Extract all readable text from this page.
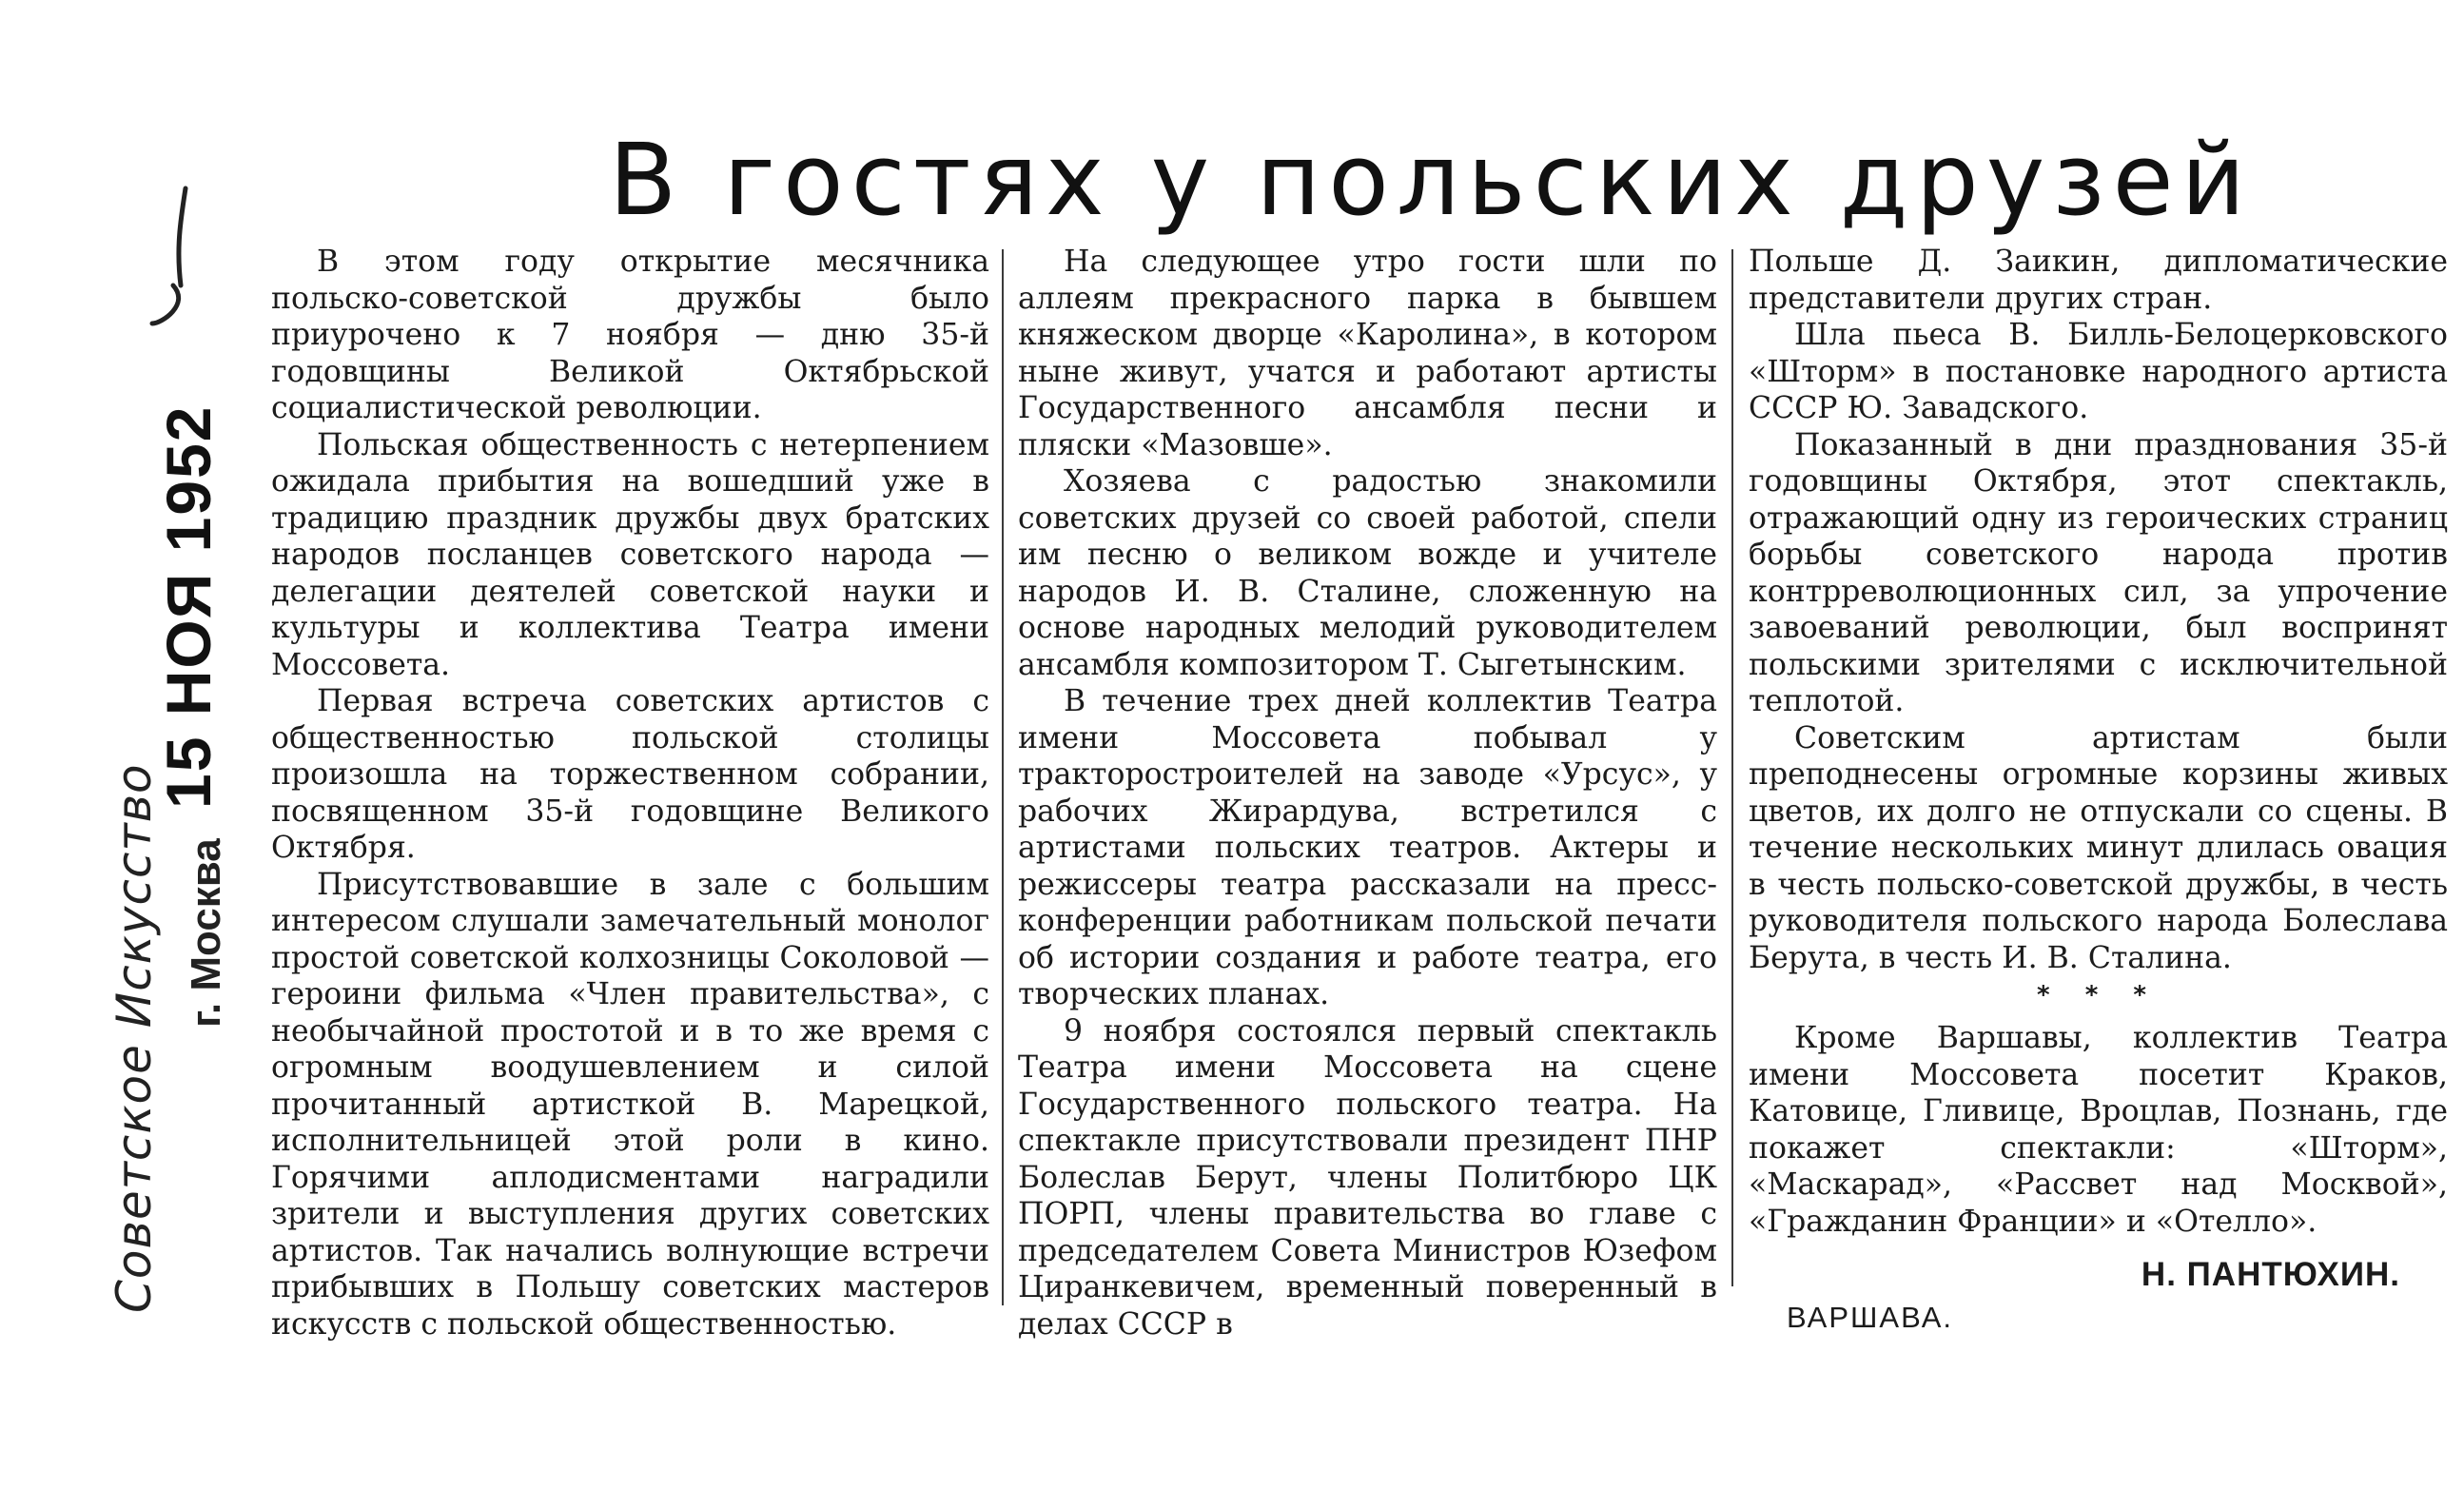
Советское Искусство г. Москва
15 НОЯ 1952
В гостях у польских друзей

В этом году открытие месячника польско-советской дружбы было приурочено к 7 ноября — дню 35-й годовщины Великой Октябрьской социалистической революции.

Польская общественность с нетерпением ожидала прибытия на вошедший уже в традицию праздник дружбы двух братских народов посланцев советского народа — делегации деятелей советской науки и культуры и коллектива Театра имени Моссовета.

Первая встреча советских артистов с общественностью польской столицы произошла на торжественном собрании, посвященном 35-й годовщине Великого Октября.

Присутствовавшие в зале с большим интересом слушали замечательный монолог простой советской колхозницы Соколовой — героини фильма «Член правительства», с необычайной простотой и в то же время с огромным воодушевлением и силой прочитанный артисткой В. Марецкой, исполнительницей этой роли в кино. Горячими аплодисментами наградили зрители и выступления других советских артистов. Так начались волнующие встречи прибывших в Польшу советских мастеров искусств с польской общественностью.

На следующее утро гости шли по аллеям прекрасного парка в бывшем княжеском дворце «Каролина», в котором ныне живут, учатся и работают артисты Государственного ансамбля песни и пляски «Мазовше».

Хозяева с радостью знакомили советских друзей со своей работой, спели им песню о великом вожде и учителе народов И. В. Сталине, сложенную на основе народных мелодий руководителем ансамбля композитором Т. Сыгетынским.

В течение трех дней коллектив Театра имени Моссовета побывал у тракторостроителей на заводе «Урсус», у рабочих Жирардува, встретился с артистами польских театров. Актеры и режиссеры театра рассказали на пресс-конференции работникам польской печати об истории создания и работе театра, его творческих планах.

9 ноября состоялся первый спектакль Театра имени Моссовета на сцене Государственного польского театра. На спектакле присутствовали президент ПНР Болеслав Берут, члены Политбюро ЦК ПОРП, члены правительства во главе с председателем Совета Министров Юзефом Циранкевичем, временный поверенный в делах СССР в

Польше Д. Заикин, дипломатические представители других стран.

Шла пьеса В. Билль-Белоцерковского «Шторм» в постановке народного артиста СССР Ю. Завадского.

Показанный в дни празднования 35-й годовщины Октября, этот спектакль, отражающий одну из героических страниц борьбы советского народа против контрреволюционных сил, за упрочение завоеваний революции, был воспринят польскими зрителями с исключительной теплотой.

Советским артистам были преподнесены огромные корзины живых цветов, их долго не отпускали со сцены. В течение нескольких минут длилась овация в честь польско-советской дружбы, в честь руководителя польского народа Болеслава Берута, в честь И. В. Сталина.

* * *

Кроме Варшавы, коллектив Театра имени Моссовета посетит Краков, Катовице, Гливице, Вроцлав, Познань, где покажет спектакли: «Шторм», «Маскарад», «Рассвет над Москвой», «Гражданин Франции» и «Отелло».

Н. ПАНТЮХИН.
ВАРШАВА.
